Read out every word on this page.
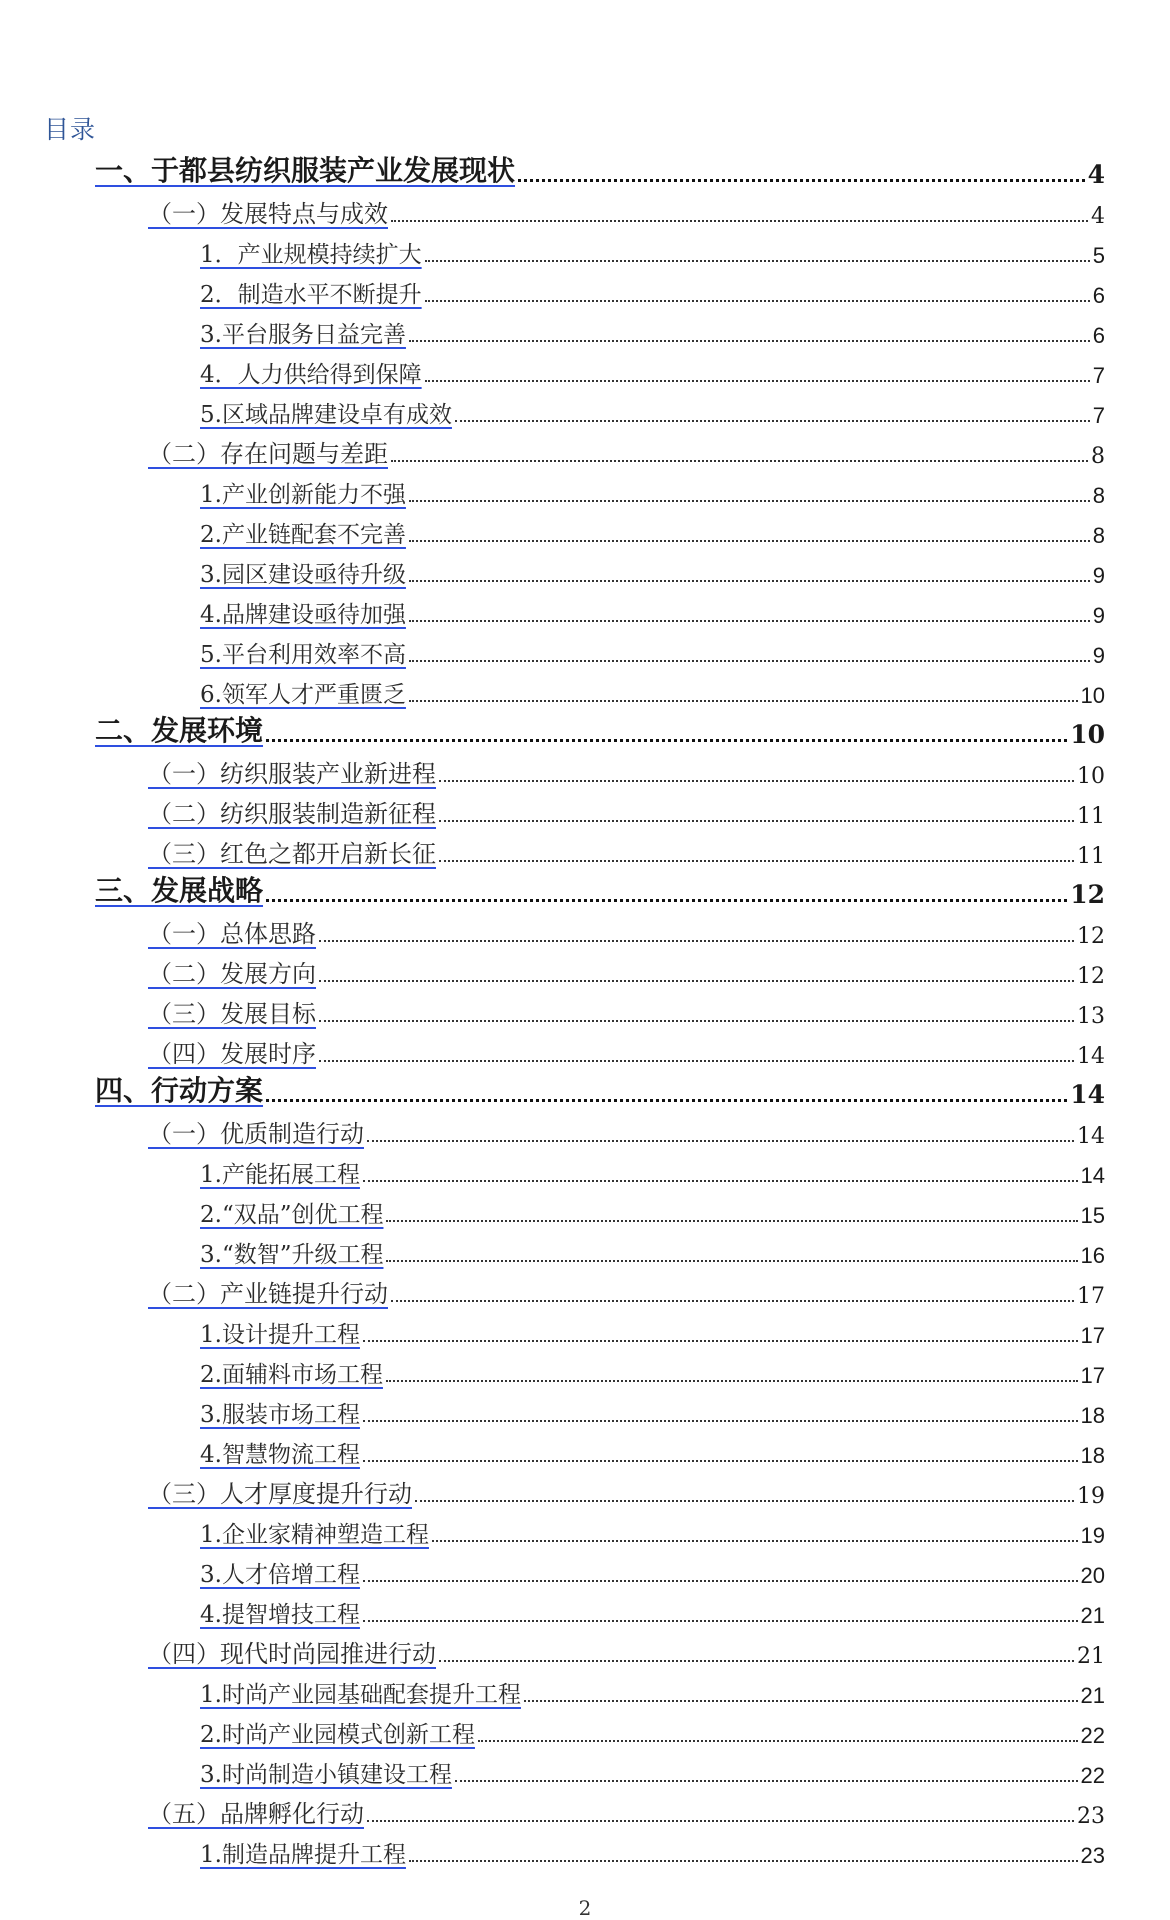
目录
一、于都县纺织服装产业发展现状	4
（一）发展特点与成效	4
1．产业规模持续扩大	5
2．制造水平不断提升	6
3.平台服务日益完善	6
4．人力供给得到保障	7
5.区域品牌建设卓有成效	7
（二）存在问题与差距	8
1.产业创新能力不强	8
2.产业链配套不完善	8
3.园区建设亟待升级	9
4.品牌建设亟待加强	9
5.平台利用效率不高	9
6.领军人才严重匮乏	10
二、发展环境	10
（一）纺织服装产业新进程	10
（二）纺织服装制造新征程	11
（三）红色之都开启新长征	11
三、发展战略	12
（一）总体思路	12
（二）发展方向	12
（三）发展目标	13
（四）发展时序	14
四、行动方案	14
（一）优质制造行动	14
1.产能拓展工程	14
2.“双品”创优工程	15
3.“数智”升级工程	16
（二）产业链提升行动	17
1.设计提升工程	17
2.面辅料市场工程	17
3.服装市场工程	18
4.智慧物流工程	18
（三）人才厚度提升行动	19
1.企业家精神塑造工程	19
3.人才倍增工程	20
4.提智增技工程	21
（四）现代时尚园推进行动	21
1.时尚产业园基础配套提升工程	21
2.时尚产业园模式创新工程	22
3.时尚制造小镇建设工程	22
（五）品牌孵化行动	23
1.制造品牌提升工程	23
2
